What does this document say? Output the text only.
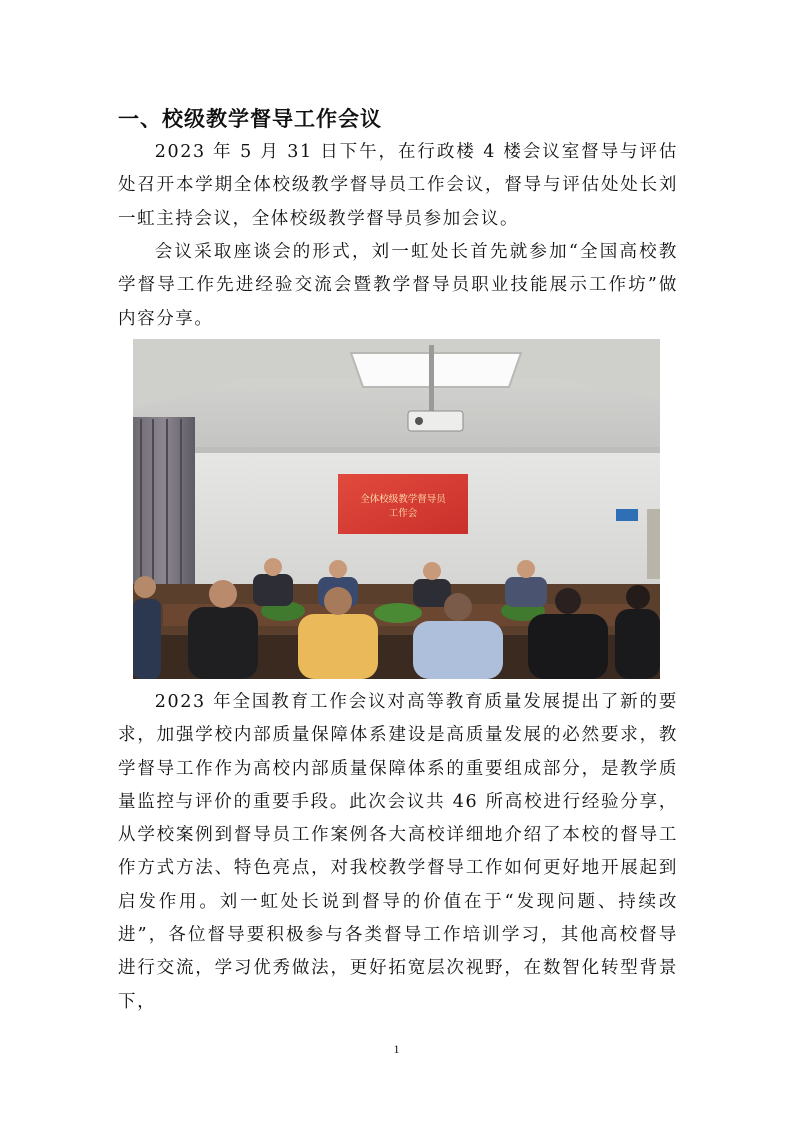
一、校级教学督导工作会议

2023 年 5 月 31 日下午，在行政楼 4 楼会议室督导与评估处召开本学期全体校级教学督导员工作会议，督导与评估处处长刘一虹主持会议，全体校级教学督导员参加会议。

会议采取座谈会的形式，刘一虹处长首先就参加“全国高校教学督导工作先进经验交流会暨教学督导员职业技能展示工作坊”做内容分享。

全体校级教学督导员
工作会

2023 年全国教育工作会议对高等教育质量发展提出了新的要求，加强学校内部质量保障体系建设是高质量发展的必然要求，教学督导工作作为高校内部质量保障体系的重要组成部分，是教学质量监控与评价的重要手段。此次会议共 46 所高校进行经验分享，从学校案例到督导员工作案例各大高校详细地介绍了本校的督导工作方式方法、特色亮点，对我校教学督导工作如何更好地开展起到启发作用。刘一虹处长说到督导的价值在于“发现问题、持续改进”，各位督导要积极参与各类督导工作培训学习，其他高校督导进行交流，学习优秀做法，更好拓宽层次视野，在数智化转型背景下，

1
